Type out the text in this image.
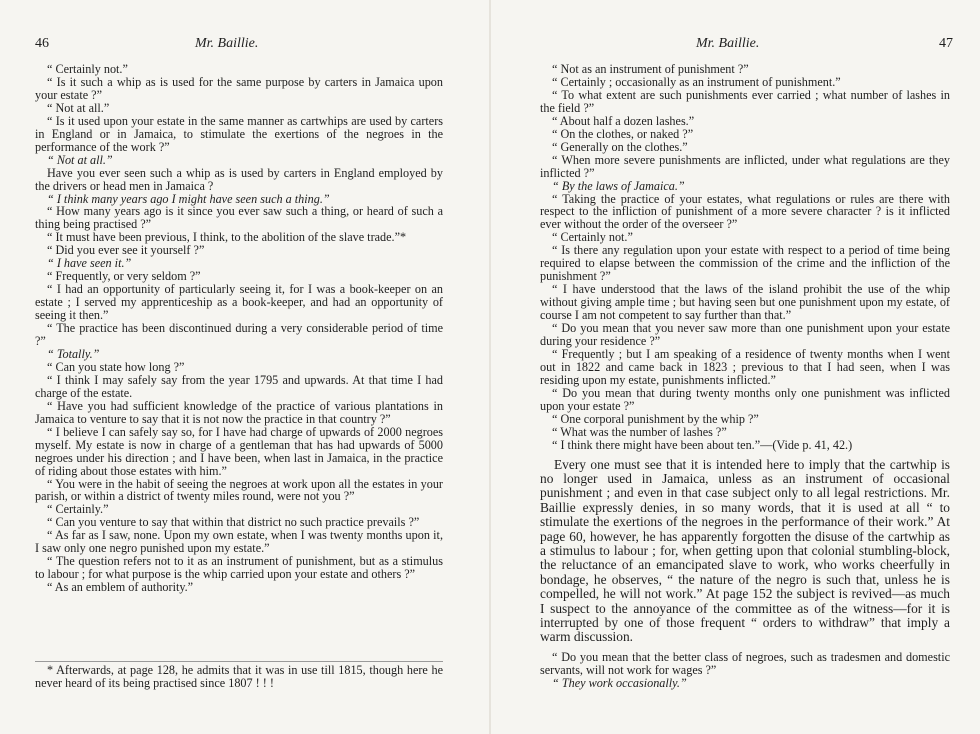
46	Mr. Baillie.

“ Certainly not.”

“ Is it such a whip as is used for the same purpose by carters in Jamaica upon your estate ?”

“ Not at all.”

“ Is it used upon your estate in the same manner as cartwhips are used by carters in England or in Jamaica, to stimulate the exertions of the negroes in the performance of the work ?”

“ Not at all.”

Have you ever seen such a whip as is used by carters in England employed by the drivers or head men in Jamaica ?

“ I think many years ago I might have seen such a thing.”

“ How many years ago is it since you ever saw such a thing, or heard of such a thing being practised ?”

“ It must have been previous, I think, to the abolition of the slave trade.”*

“ Did you ever see it yourself ?”

“ I have seen it.”

“ Frequently, or very seldom ?”

“ I had an opportunity of particularly seeing it, for I was a book-keeper on an estate ; I served my apprenticeship as a book-keeper, and had an opportunity of seeing it then.”

“ The practice has been discontinued during a very considerable period of time ?”

“ Totally.”

“ Can you state how long ?”

“ I think I may safely say from the year 1795 and upwards. At that time I had charge of the estate.

“ Have you had sufficient knowledge of the practice of various plantations in Jamaica to venture to say that it is not now the practice in that country ?”

“ I believe I can safely say so, for I have had charge of upwards of 2000 negroes myself. My estate is now in charge of a gentleman that has had upwards of 5000 negroes under his direction ; and I have been, when last in Jamaica, in the practice of riding about those estates with him.”

“ You were in the habit of seeing the negroes at work upon all the estates in your parish, or within a district of twenty miles round, were not you ?”

“ Certainly.”

“ Can you venture to say that within that district no such practice prevails ?”

“ As far as I saw, none. Upon my own estate, when I was twenty months upon it, I saw only one negro punished upon my estate.”

“ The question refers not to it as an instrument of punishment, but as a stimulus to labour ; for what purpose is the whip carried upon your estate and others ?”

“ As an emblem of authority.”

* Afterwards, at page 128, he admits that it was in use till 1815, though here he never heard of its being practised since 1807 ! ! !

Mr. Baillie.	47

“ Not as an instrument of punishment ?”

“ Certainly ; occasionally as an instrument of punishment.”

“ To what extent are such punishments ever carried ; what number of lashes in the field ?”

“ About half a dozen lashes.”

“ On the clothes, or naked ?”

“ Generally on the clothes.”

“ When more severe punishments are inflicted, under what regulations are they inflicted ?”

“ By the laws of Jamaica.”

“ Taking the practice of your estates, what regulations or rules are there with respect to the infliction of punishment of a more severe character ? is it inflicted ever without the order of the overseer ?”

“ Certainly not.”

“ Is there any regulation upon your estate with respect to a period of time being required to elapse between the commission of the crime and the infliction of the punishment ?”

“ I have understood that the laws of the island prohibit the use of the whip without giving ample time ; but having seen but one punishment upon my estate, of course I am not competent to say further than that.”

“ Do you mean that you never saw more than one punishment upon your estate during your residence ?”

“ Frequently ; but I am speaking of a residence of twenty months when I went out in 1822 and came back in 1823 ; previous to that I had seen, when I was residing upon my estate, punishments inflicted.”

“ Do you mean that during twenty months only one punishment was inflicted upon your estate ?”

“ One corporal punishment by the whip ?”

“ What was the number of lashes ?”

“ I think there might have been about ten.”—(Vide p. 41, 42.)

Every one must see that it is intended here to imply that the cartwhip is no longer used in Jamaica, unless as an instrument of occasional punishment ; and even in that case subject only to all legal restrictions. Mr. Baillie expressly denies, in so many words, that it is used at all “ to stimulate the exertions of the negroes in the performance of their work.” At page 60, however, he has apparently forgotten the disuse of the cartwhip as a stimulus to labour ; for, when getting upon that colonial stumbling-block, the reluctance of an emancipated slave to work, who works cheerfully in bondage, he observes, “ the nature of the negro is such that, unless he is compelled, he will not work.” At page 152 the subject is revived—as much I suspect to the annoyance of the committee as of the witness—for it is interrupted by one of those frequent “ orders to withdraw” that imply a warm discussion.

“ Do you mean that the better class of negroes, such as tradesmen and domestic servants, will not work for wages ?”

“ They work occasionally.”
